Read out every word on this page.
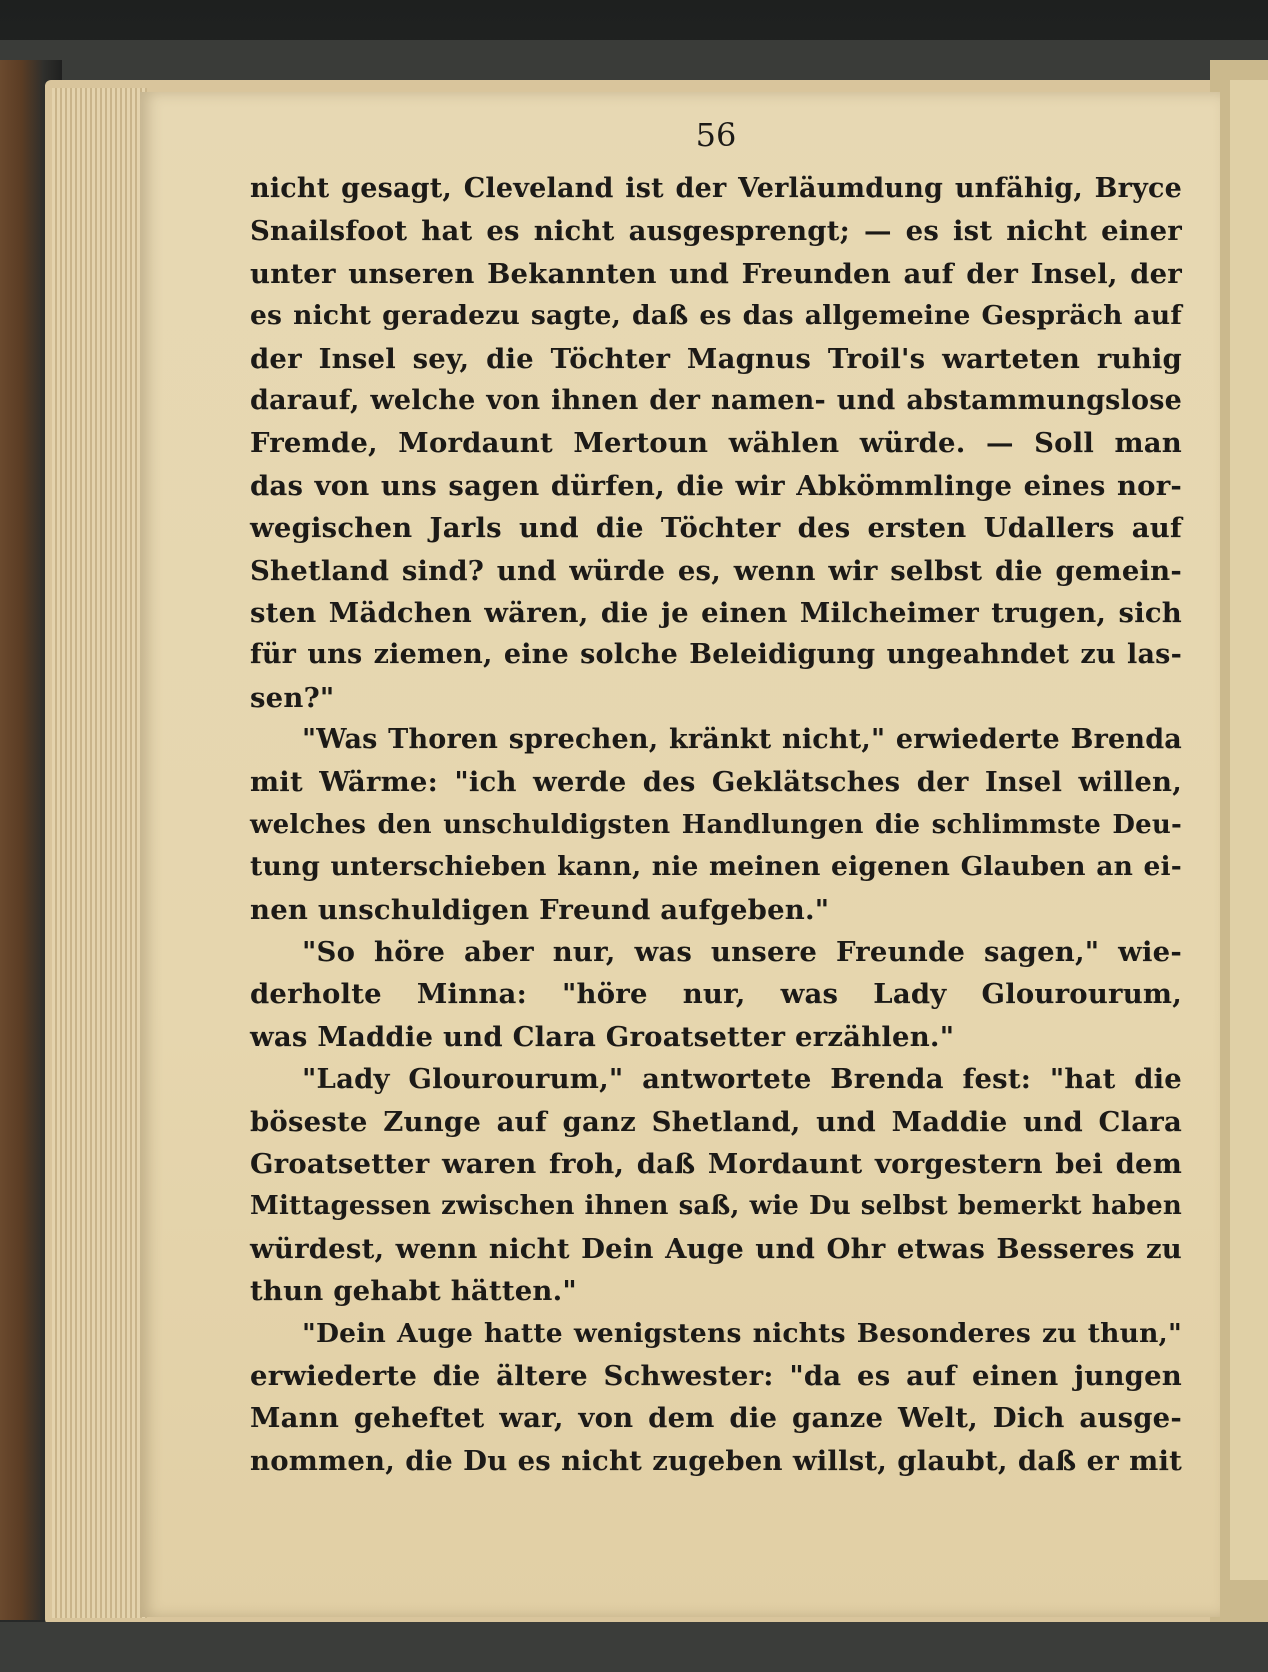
56
nicht gesagt, Cleveland ist der Verläumdung unfähig, Bryce
Snailsfoot hat es nicht ausgesprengt; — es ist nicht einer
unter unseren Bekannten und Freunden auf der Insel, der
es nicht geradezu sagte, daß es das allgemeine Gespräch auf
der Insel sey, die Töchter Magnus Troil's warteten ruhig
darauf, welche von ihnen der namen- und abstammungslose
Fremde, Mordaunt Mertoun wählen würde. — Soll man
das von uns sagen dürfen, die wir Abkömmlinge eines nor-
wegischen Jarls und die Töchter des ersten Udallers auf
Shetland sind? und würde es, wenn wir selbst die gemein-
sten Mädchen wären, die je einen Milcheimer trugen, sich
für uns ziemen, eine solche Beleidigung ungeahndet zu las-
sen?"
"Was Thoren sprechen, kränkt nicht," erwiederte Brenda
mit Wärme: "ich werde des Geklätsches der Insel willen,
welches den unschuldigsten Handlungen die schlimmste Deu-
tung unterschieben kann, nie meinen eigenen Glauben an ei-
nen unschuldigen Freund aufgeben."
"So höre aber nur, was unsere Freunde sagen," wie-
derholte Minna: "höre nur, was Lady Glourourum,
was Maddie und Clara Groatsetter erzählen."
"Lady Glourourum," antwortete Brenda fest: "hat die
böseste Zunge auf ganz Shetland, und Maddie und Clara
Groatsetter waren froh, daß Mordaunt vorgestern bei dem
Mittagessen zwischen ihnen saß, wie Du selbst bemerkt haben
würdest, wenn nicht Dein Auge und Ohr etwas Besseres zu
thun gehabt hätten."
"Dein Auge hatte wenigstens nichts Besonderes zu thun,"
erwiederte die ältere Schwester: "da es auf einen jungen
Mann geheftet war, von dem die ganze Welt, Dich ausge-
nommen, die Du es nicht zugeben willst, glaubt, daß er mit
